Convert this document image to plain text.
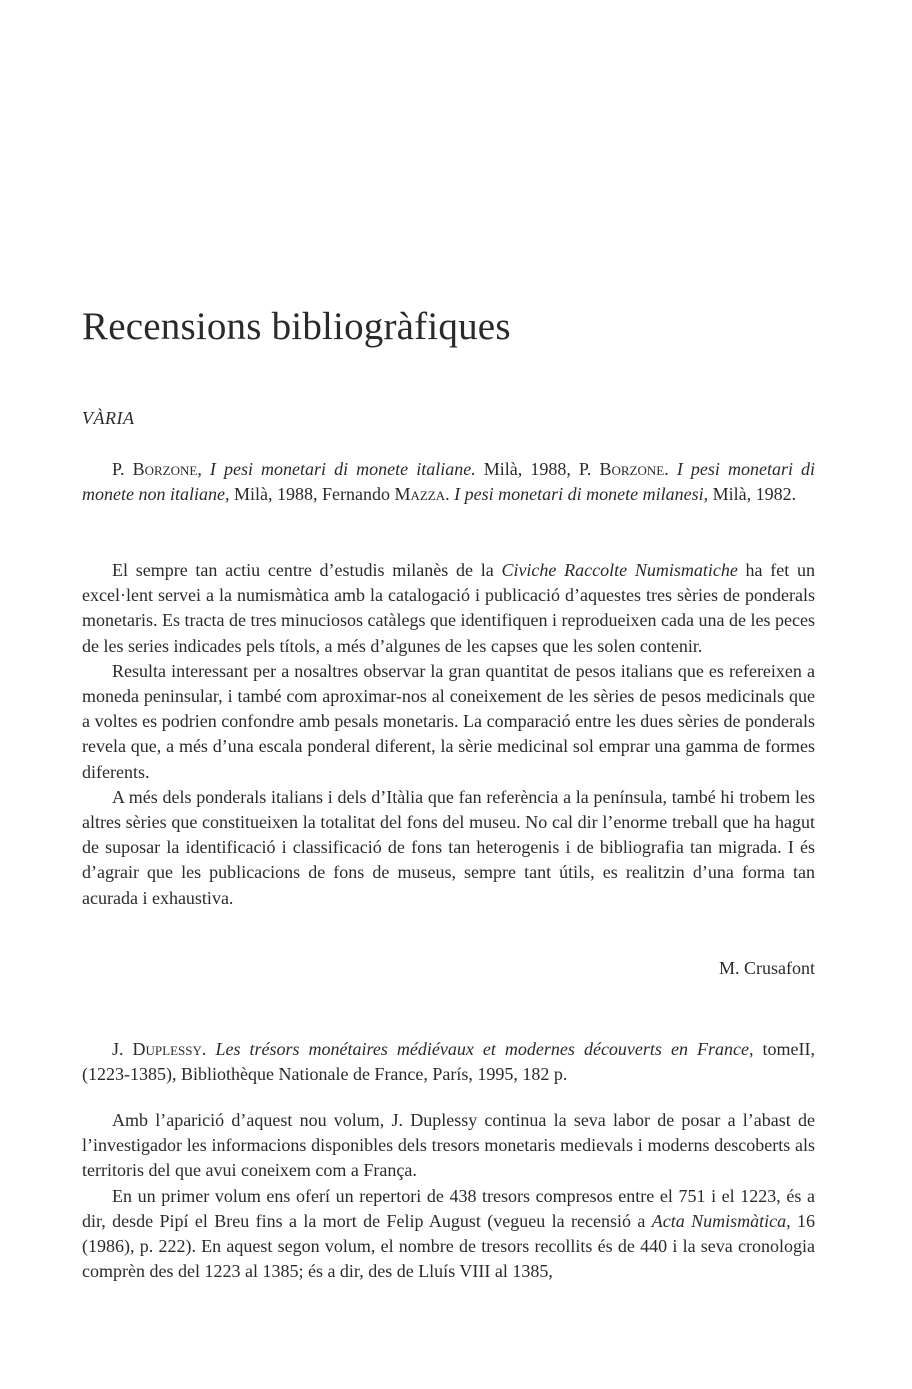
Recensions bibliogràfiques
VÀRIA

P. Borzone, I pesi monetari di monete italiane. Milà, 1988, P. Borzone. I pesi monetari di monete non italiane, Milà, 1988, Fernando Mazza. I pesi monetari di monete milanesi, Milà, 1982.

El sempre tan actiu centre d’estudis milanès de la Civiche Raccolte Numismatiche ha fet un excel·lent servei a la numismàtica amb la catalogació i publicació d’aquestes tres sèries de ponderals monetaris. Es tracta de tres minuciosos catàlegs que identifiquen i reprodueixen cada una de les peces de les series indicades pels títols, a més d’algunes de les capses que les solen contenir.

Resulta interessant per a nosaltres observar la gran quantitat de pesos italians que es refereixen a moneda peninsular, i també com aproximar-nos al coneixement de les sèries de pesos medicinals que a voltes es podrien confondre amb pesals monetaris. La comparació entre les dues sèries de ponderals revela que, a més d’una escala ponderal diferent, la sèrie medicinal sol emprar una gamma de formes diferents.

A més dels ponderals italians i dels d’Itàlia que fan referència a la península, també hi trobem les altres sèries que constitueixen la totalitat del fons del museu. No cal dir l’enorme treball que ha hagut de suposar la identificació i classificació de fons tan heterogenis i de bibliografia tan migrada. I és d’agrair que les publicacions de fons de museus, sempre tant útils, es realitzin d’una forma tan acurada i exhaustiva.

M. Crusafont

J. Duplessy. Les trésors monétaires médiévaux et modernes découverts en France, tomeII, (1223-1385), Bibliothèque Nationale de France, París, 1995, 182 p.

Amb l’aparició d’aquest nou volum, J. Duplessy continua la seva labor de posar a l’abast de l’investigador les informacions disponibles dels tresors monetaris medievals i moderns descoberts als territoris del que avui coneixem com a França.

En un primer volum ens oferí un repertori de 438 tresors compresos entre el 751 i el 1223, és a dir, desde Pipí el Breu fins a la mort de Felip August (vegueu la recensió a Acta Numismàtica, 16 (1986), p. 222). En aquest segon volum, el nombre de tresors recollits és de 440 i la seva cronologia comprèn des del 1223 al 1385; és a dir, des de Lluís VIII al 1385,
